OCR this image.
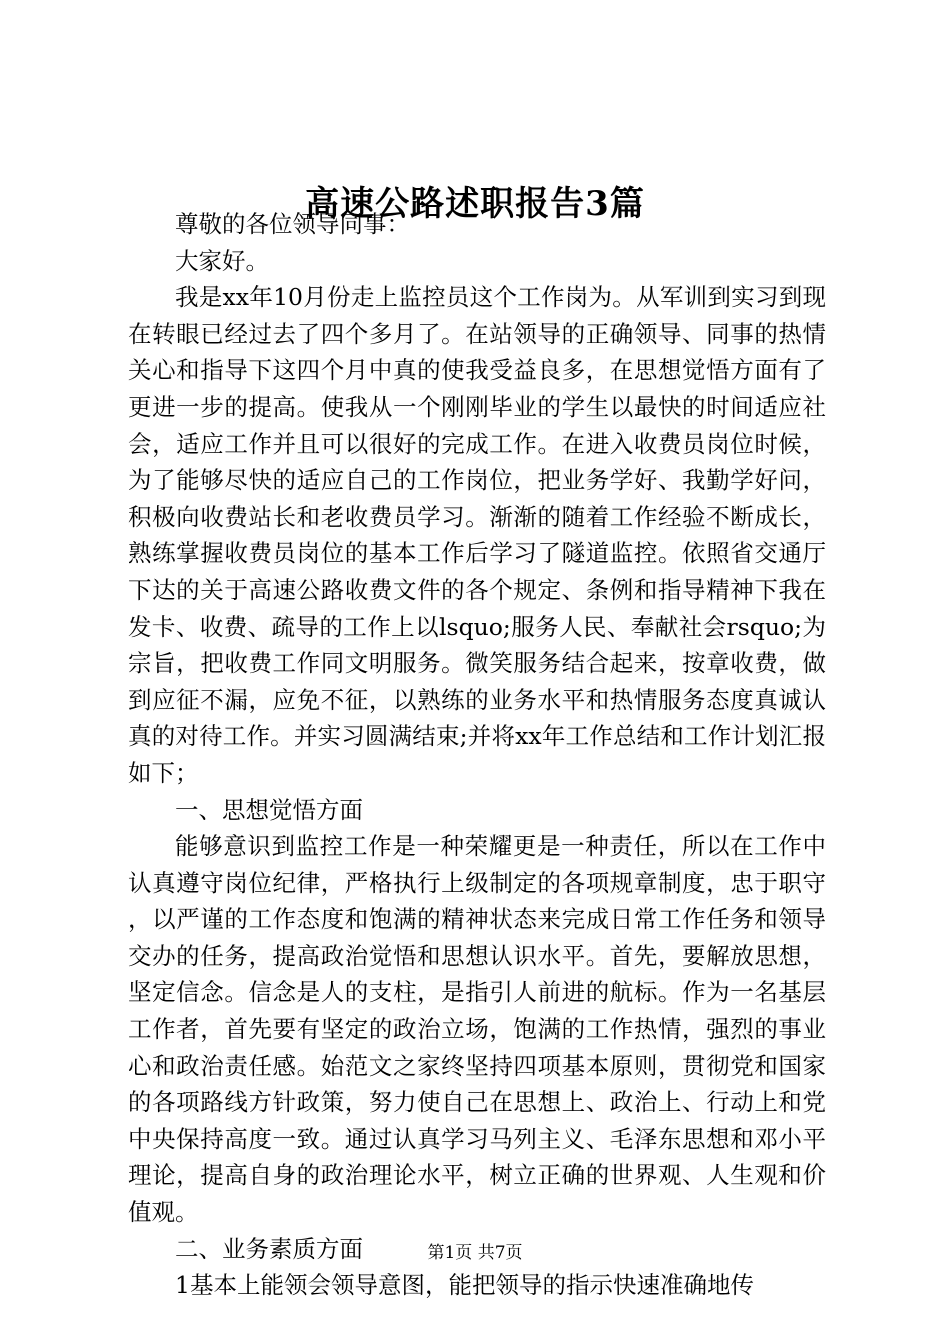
高速公路述职报告3篇

尊敬的各位领导同事：

大家好。

我是xx年10月份走上监控员这个工作岗为。从军训到实习到现在转眼已经过去了四个多月了。在站领导的正确领导、同事的热情关心和指导下这四个月中真的使我受益良多，在思想觉悟方面有了更进一步的提高。使我从一个刚刚毕业的学生以最快的时间适应社会，适应工作并且可以很好的完成工作。在进入收费员岗位时候，为了能够尽快的适应自己的工作岗位，把业务学好、我勤学好问，积极向收费站长和老收费员学习。渐渐的随着工作经验不断成长，熟练掌握收费员岗位的基本工作后学习了隧道监控。依照省交通厅下达的关于高速公路收费文件的各个规定、条例和指导精神下我在发卡、收费、疏导的工作上以lsquo;服务人民、奉献社会rsquo;为宗旨，把收费工作同文明服务。微笑服务结合起来，按章收费，做到应征不漏，应免不征，以熟练的业务水平和热情服务态度真诚认真的对待工作。并实习圆满结束;并将xx年工作总结和工作计划汇报如下；

一、思想觉悟方面

能够意识到监控工作是一种荣耀更是一种责任，所以在工作中认真遵守岗位纪律，严格执行上级制定的各项规章制度，忠于职守，以严谨的工作态度和饱满的精神状态来完成日常工作任务和领导交办的任务，提高政治觉悟和思想认识水平。首先，要解放思想，坚定信念。信念是人的支柱，是指引人前进的航标。作为一名基层工作者，首先要有坚定的政治立场，饱满的工作热情，强烈的事业心和政治责任感。始范文之家终坚持四项基本原则，贯彻党和国家的各项路线方针政策，努力使自己在思想上、政治上、行动上和党中央保持高度一致。通过认真学习马列主义、毛泽东思想和邓小平理论，提高自身的政治理论水平，树立正确的世界观、人生观和价值观。

二、业务素质方面

1基本上能领会领导意图，能把领导的指示快速准确地传

第1页 共7页
